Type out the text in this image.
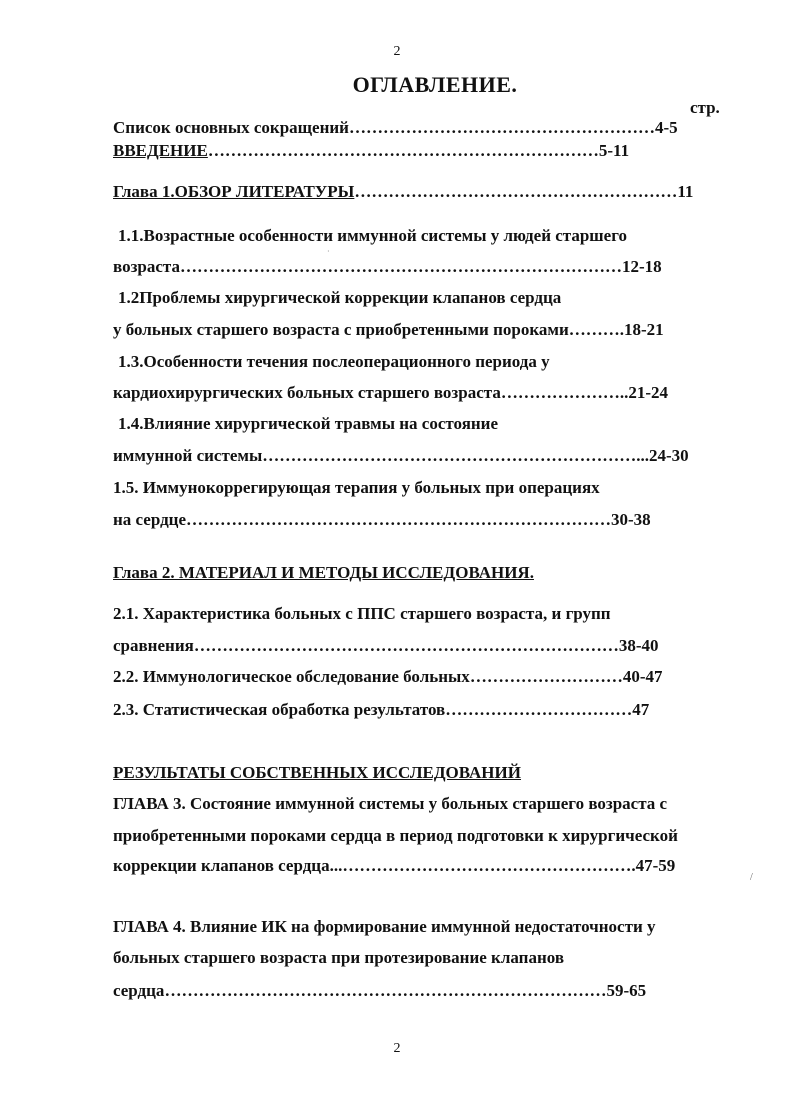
2
ОГЛАВЛЕНИЕ.
стр.
Список основных сокращений………………………………………………4-5
ВВЕДЕНИЕ……………………………………………………………5-11
Глава 1.ОБЗОР ЛИТЕРАТУРЫ…………………………………………………11
1.1.Возрастные особенности иммунной системы у людей старшего
возраста……………………………………………………………………12-18
1.2Проблемы хирургической коррекции клапанов сердца
у больных старшего возраста с приобретенными пороками……….18-21
1.3.Особенности течения послеоперационного периода у
кардиохирургических больных старшего возраста…………………..21-24
1.4.Влияние хирургической травмы на состояние
иммунной системы…………………………………………………………...24-30
1.5. Иммунокоррегирующая терапия у больных при операциях
на сердце…………………………………………………………………30-38
Глава 2. МАТЕРИАЛ И МЕТОДЫ ИССЛЕДОВАНИЯ.
2.1. Характеристика больных с ППС старшего возраста, и групп
сравнения…………………………………………………………………38-40
2.2. Иммунологическое обследование больных………………………40-47
2.3. Статистическая обработка результатов……………………………47
РЕЗУЛЬТАТЫ СОБСТВЕННЫХ ИССЛЕДОВАНИЙ
ГЛАВА 3. Состояние иммунной системы у больных старшего возраста с
приобретенными пороками сердца в период подготовки к хирургической
коррекции клапанов сердца...…………………………………………….47-59
ГЛАВА 4. Влияние ИК на формирование иммунной недостаточности у
больных старшего возраста при протезирование клапанов
сердца……………………………………………………………………59-65
·
/
2
